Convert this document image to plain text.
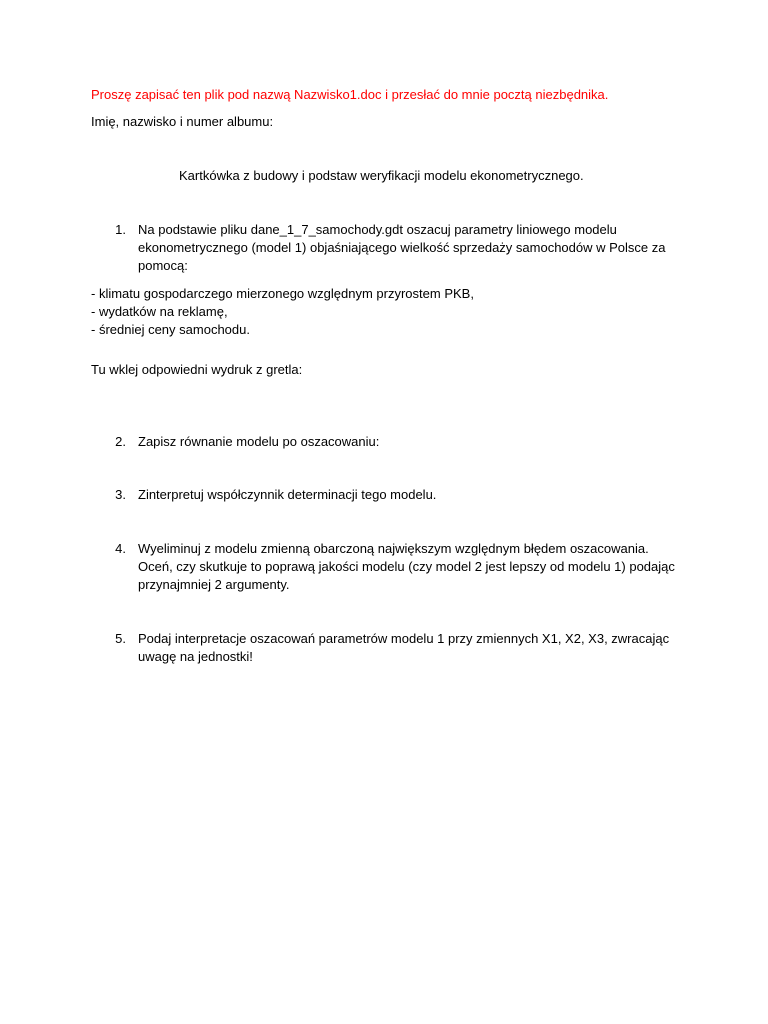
Proszę zapisać ten plik pod nazwą Nazwisko1.doc i przesłać do mnie pocztą niezbędnika.
Imię, nazwisko i numer albumu:
Kartkówka z budowy i podstaw weryfikacji modelu ekonometrycznego.
1. Na podstawie pliku dane_1_7_samochody.gdt oszacuj parametry liniowego modelu ekonometrycznego (model 1) objaśniającego wielkość sprzedaży samochodów w Polsce za pomocą:
- klimatu gospodarczego mierzonego względnym przyrostem PKB,
- wydatków na reklamę,
- średniej ceny samochodu.
Tu wklej odpowiedni wydruk z gretla:
2. Zapisz równanie modelu po oszacowaniu:
3. Zinterpretuj współczynnik determinacji tego modelu.
4. Wyeliminuj z modelu zmienną obarczoną największym względnym błędem oszacowania. Oceń, czy skutkuje to poprawą jakości modelu (czy model 2 jest lepszy od modelu 1) podając przynajmniej 2 argumenty.
5. Podaj interpretacje oszacowań parametrów modelu 1 przy zmiennych X1, X2, X3, zwracając uwagę na jednostki!
